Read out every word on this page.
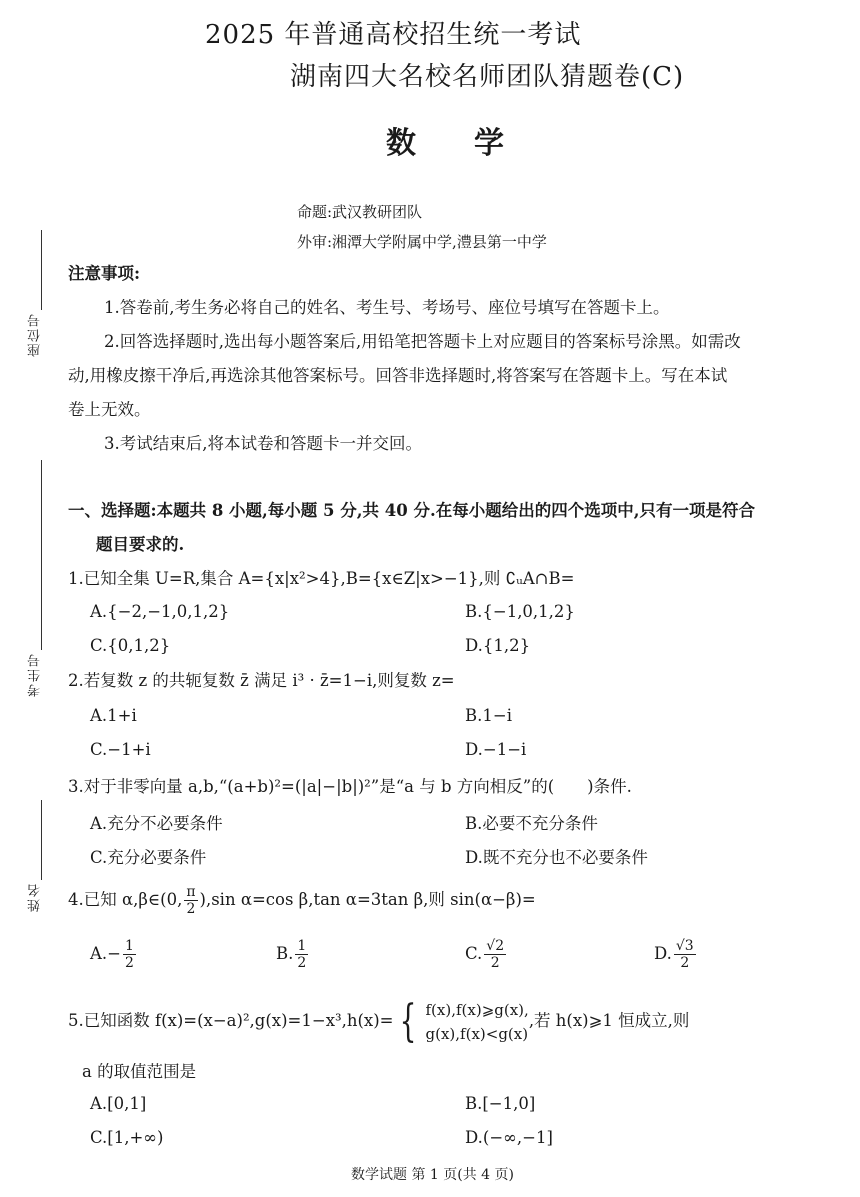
2025 年普通高校招生统一考试
湖南四大名校名师团队猜题卷(C)
数学
命题:武汉教研团队
外审:湘潭大学附属中学,澧县第一中学
座位号
考生号
姓名
注意事项:
1.答卷前,考生务必将自己的姓名、考生号、考场号、座位号填写在答题卡上。
2.回答选择题时,选出每小题答案后,用铅笔把答题卡上对应题目的答案标号涂黑。如需改
动,用橡皮擦干净后,再选涂其他答案标号。回答非选择题时,将答案写在答题卡上。写在本试
卷上无效。
3.考试结束后,将本试卷和答题卡一并交回。
一、选择题:本题共 8 小题,每小题 5 分,共 40 分.在每小题给出的四个选项中,只有一项是符合
题目要求的.
1.已知全集 U=R,集合 A={x|x²>4},B={x∈Z|x>−1},则 ∁ᵤA∩B=
A.{−2,−1,0,1,2}	B.{−1,0,1,2}
C.{0,1,2}	D.{1,2}
2.若复数 z 的共轭复数 z̄ 满足 i³ · z̄=1−i,则复数 z=
A.1+i	B.1−i
C.−1+i	D.−1−i
3.对于非零向量 a,b,“(a+b)²=(|a|−|b|)²”是“a 与 b 方向相反”的(　　)条件.
A.充分不必要条件	B.必要不充分条件
C.充分必要条件	D.既不充分也不必要条件
4.已知 α,β∈(0, $\frac{\pi}{2} ),\sin$ α=cos β,tan α=3tan β,则 sin(α−β)=
$A.- \frac{1}{2}$	B. $\frac{1}{2}$	C. $\frac{√2}{2}$	D. $\frac{√3}{2}$
5.已知函数 f(x)=(x−a)²,g(x)=1−x³,h(x)= { f(x),f(x)⩾g(x),
g(x),f(x)<g(x)
,若 h(x)⩾1 恒成立,则
a 的取值范围是
A.[0,1]	B.[−1,0]
C.[1,+∞)	D.(−∞,−1]
数学试题 第 1 页(共 4 页)
